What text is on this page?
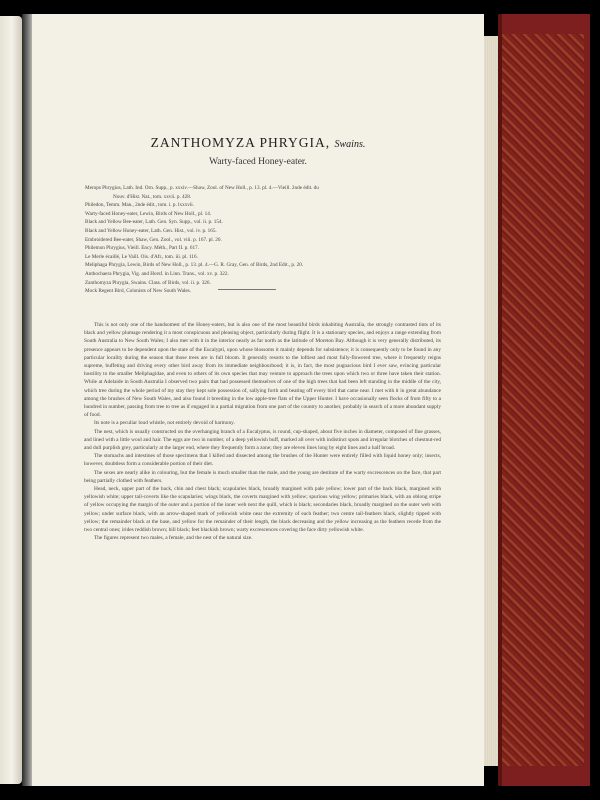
ZANTHOMYZA PHRYGIA, Swains.
Warty-faced Honey-eater.
Merops Phrygius, Lath. Ind. Orn. Supp., p. xxxiv.—Shaw, Zool. of New Holl., p. 13. pl. 4.—Vieill. 2nde édit. du
Nouv. d'Hist. Nat., tom. xxvii. p. 428.
Philedon, Temm. Man., 2nde édit., tom. i. p. lxxxvii.
Warty-faced Honey-eater, Lewin, Birds of New Holl., pl. 14.
Black and Yellow Bee-eater, Lath. Gen. Syn. Supp., vol. ii. p. 154.
Black and Yellow Honey-eater, Lath. Gen. Hist., vol. iv. p. 165.
Embroidered Bee-eater, Shaw, Gen. Zool., vol. viii. p. 167. pl. 20.
Philemon Phrygius, Vieill. Ency. Méth., Part II. p. 617.
Le Merle écaillé, Le Vaill. Ois. d'Afr., tom. iii. pl. 116.
Meliphaga Phrygia, Lewin, Birds of New Holl., p. 13. pl. 4.—G. R. Gray, Gen. of Birds, 2nd Edit., p. 20.
Anthochaera Phrygia, Vig. and Horsf. in Linn. Trans., vol. xv. p. 322.
Zanthomyza Phrygia, Swains. Class. of Birds, vol. ii. p. 326.
Mock Regent Bird, Colonists of New South Wales.

This is not only one of the handsomest of the Honey-eaters, but is also one of the most beautiful birds inhabiting Australia, the strongly contrasted tints of its black and yellow plumage rendering it a most conspicuous and pleasing object, particularly during flight. It is a stationary species, and enjoys a range extending from South Australia to New South Wales; I also met with it in the interior nearly as far north as the latitude of Moreton Bay. Although it is very generally distributed, its presence appears to be dependent upon the state of the Eucalypti, upon whose blossoms it mainly depends for subsistence; it is consequently only to be found in any particular locality during the season that those trees are in full bloom. It generally resorts to the loftiest and most fully-flowered tree, where it frequently reigns supreme, buffeting and driving every other bird away from its immediate neighbourhood; it is, in fact, the most pugnacious bird I ever saw, evincing particular hostility to the smaller Meliphagidae, and even to others of its own species that may venture to approach the trees upon which two or three have taken their station. While at Adelaide in South Australia I observed two pairs that had possessed themselves of one of the high trees that had been left standing in the middle of the city, which tree during the whole period of my stay they kept sole possession of, sallying forth and beating off every bird that came near. I met with it in great abundance among the brushes of New South Wales, and also found it breeding in the low apple-tree flats of the Upper Hunter. I have occasionally seen flocks of from fifty to a hundred in number, passing from tree to tree as if engaged in a partial migration from one part of the country to another, probably in search of a more abundant supply of food.

Its note is a peculiar loud whistle, not entirely devoid of harmony.

The nest, which is usually constructed on the overhanging branch of a Eucalyptus, is round, cup-shaped, about five inches in diameter, composed of fine grasses, and lined with a little wool and hair. The eggs are two in number, of a deep yellowish buff, marked all over with indistinct spots and irregular blotches of chestnut-red and dull purplish grey, particularly at the larger end, where they frequently form a zone; they are eleven lines long by eight lines and a half broad.

The stomachs and intestines of those specimens that I killed and dissected among the brushes of the Hunter were entirely filled with liquid honey only; insects, however, doubtless form a considerable portion of their diet.

The sexes are nearly alike in colouring, but the female is much smaller than the male, and the young are destitute of the warty excrescences on the face, that part being partially clothed with feathers.

Head, neck, upper part of the back, chin and chest black; scapularies black, broadly margined with pale yellow; lower part of the back black, margined with yellowish white; upper tail-coverts like the scapularies; wings black, the coverts margined with yellow; spurious wing yellow; primaries black, with an oblong stripe of yellow occupying the margin of the outer and a portion of the inner web next the quill, which is black; secondaries black, broadly margined on the outer web with yellow; under surface black, with an arrow-shaped mark of yellowish white near the extremity of each feather; two centre tail-feathers black, slightly tipped with yellow; the remainder black at the base, and yellow for the remainder of their length, the black decreasing and the yellow increasing as the feathers recede from the two central ones; irides reddish brown; bill black; feet blackish brown; warty excrescences covering the face dirty yellowish white.

The figures represent two males, a female, and the nest of the natural size.
